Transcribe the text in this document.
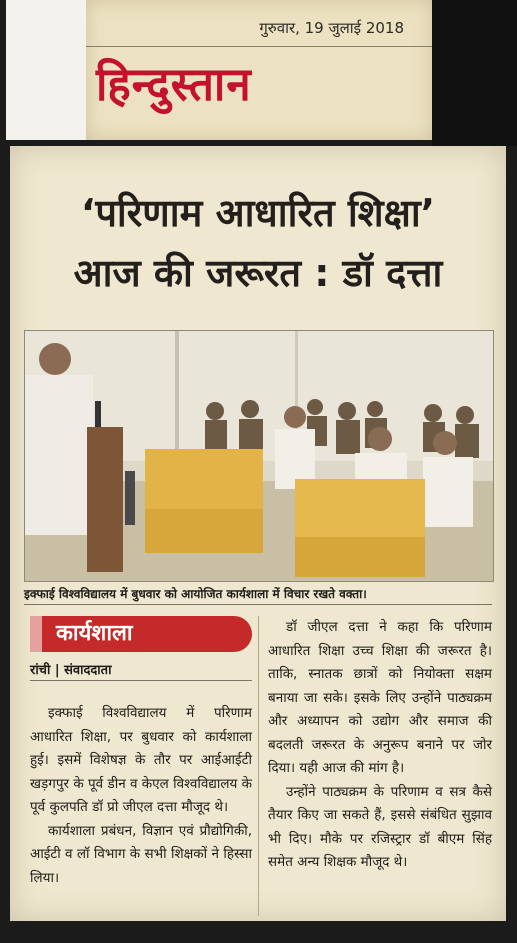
गुरुवार, 19 जुलाई 2018
हिन्दुस्तान
‘परिणाम आधारित शिक्षा’
आज की जरूरत : डॉ दत्ता
इक्फाई विश्वविद्यालय में बुधवार को आयोजित कार्यशाला में विचार रखते वक्ता।
कार्यशाला
रांची | संवाददाता

इक्फाई विश्वविद्यालय में परिणाम आधारित शिक्षा, पर बुधवार को कार्यशाला हुई। इसमें विशेषज्ञ के तौर पर आईआईटी खड़गपुर के पूर्व डीन व केएल विश्वविद्यालय के पूर्व कुलपति डॉ प्रो जीएल दत्ता मौजूद थे।

कार्यशाला प्रबंधन, विज्ञान एवं प्रौद्योगिकी, आईटी व लॉ विभाग के सभी शिक्षकों ने हिस्सा लिया।

डॉ जीएल दत्ता ने कहा कि परिणाम आधारित शिक्षा उच्च शिक्षा की जरूरत है। ताकि, स्नातक छात्रों को नियोक्ता सक्षम बनाया जा सके। इसके लिए उन्होंने पाठ्यक्रम और अध्यापन को उद्योग और समाज की बदलती जरूरत के अनुरूप बनाने पर जोर दिया। यही आज की मांग है।

उन्होंने पाठ्यक्रम के परिणाम व सत्र कैसे तैयार किए जा सकते हैं, इससे संबंधित सुझाव भी दिए। मौके पर रजिस्ट्रार डॉ बीएम सिंह समेत अन्य शिक्षक मौजूद थे।
